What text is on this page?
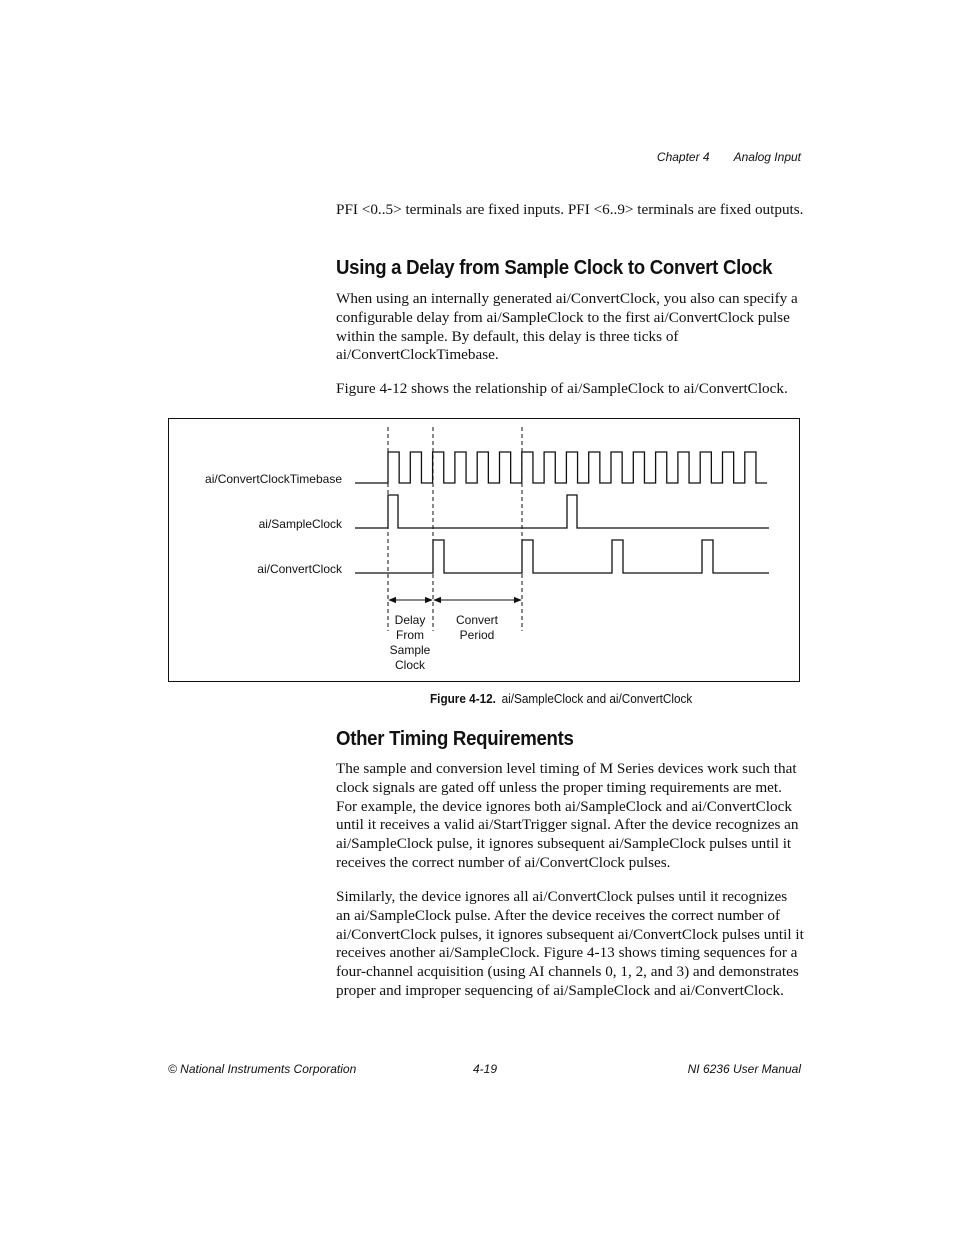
Chapter 4 Analog Input

PFI <0..5> terminals are fixed inputs. PFI <6..9> terminals are fixed outputs.

Using a Delay from Sample Clock to Convert Clock

When using an internally generated ai/ConvertClock, you also can specify a configurable delay from ai/SampleClock to the first ai/ConvertClock pulse within the sample. By default, this delay is three ticks of ai/ConvertClockTimebase.

Figure 4-12 shows the relationship of ai/SampleClock to ai/ConvertClock.

ai/ConvertClockTimebase
ai/SampleClock
ai/ConvertClock
Delay
From
Sample
Clock
Convert
Period
Figure 4-12. ai/SampleClock and ai/ConvertClock
Other Timing Requirements

The sample and conversion level timing of M Series devices work such that clock signals are gated off unless the proper timing requirements are met. For example, the device ignores both ai/SampleClock and ai/ConvertClock until it receives a valid ai/StartTrigger signal. After the device recognizes an ai/SampleClock pulse, it ignores subsequent ai/SampleClock pulses until it receives the correct number of ai/ConvertClock pulses.

Similarly, the device ignores all ai/ConvertClock pulses until it recognizes an ai/SampleClock pulse. After the device receives the correct number of ai/ConvertClock pulses, it ignores subsequent ai/ConvertClock pulses until it receives another ai/SampleClock. Figure 4-13 shows timing sequences for a four-channel acquisition (using AI channels 0, 1, 2, and 3) and demonstrates proper and improper sequencing of ai/SampleClock and ai/ConvertClock.

© National Instruments Corporation	4-19	NI 6236 User Manual
